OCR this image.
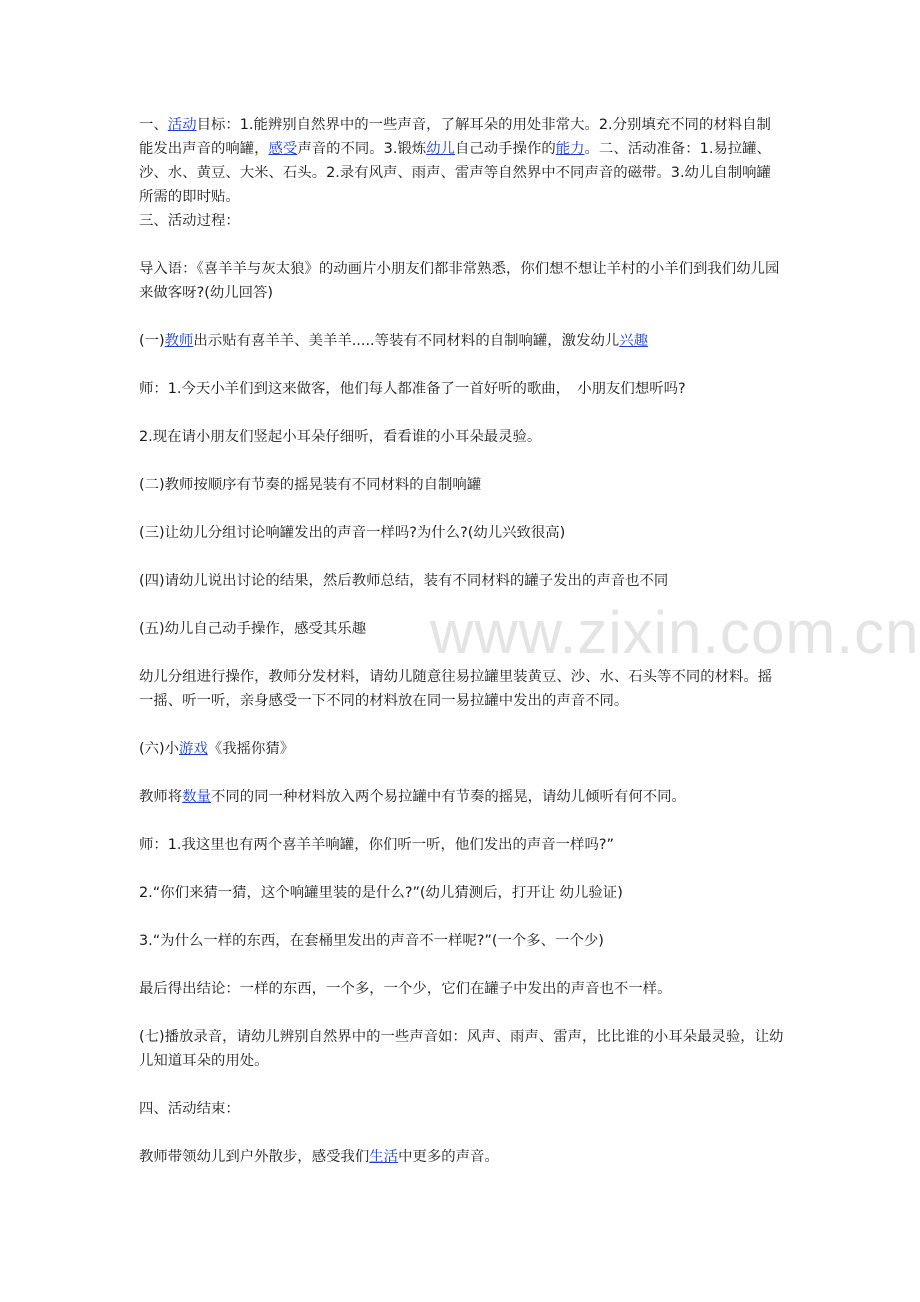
www.zixin.com.cn

一、活动目标：1.能辨别自然界中的一些声音，了解耳朵的用处非常大。2.分别填充不同的材料自制能发出声音的响罐，感受声音的不同。3.锻炼幼儿自己动手操作的能力。二、活动准备：1.易拉罐、沙、水、黄豆、大米、石头。2.录有风声、雨声、雷声等自然界中不同声音的磁带。3.幼儿自制响罐所需的即时贴。

三、活动过程：

导入语：《喜羊羊与灰太狼》的动画片小朋友们都非常熟悉，你们想不想让羊村的小羊们到我们幼儿园来做客呀?(幼儿回答)

(一)教师出示贴有喜羊羊、美羊羊.....等装有不同材料的自制响罐，激发幼儿兴趣

师：1.今天小羊们到这来做客，他们每人都准备了一首好听的歌曲，　小朋友们想听吗?

2.现在请小朋友们竖起小耳朵仔细听，看看谁的小耳朵最灵验。

(二)教师按顺序有节奏的摇晃装有不同材料的自制响罐

(三)让幼儿分组讨论响罐发出的声音一样吗?为什么?(幼儿兴致很高)

(四)请幼儿说出讨论的结果，然后教师总结，装有不同材料的罐子发出的声音也不同

(五)幼儿自己动手操作，感受其乐趣

幼儿分组进行操作，教师分发材料，请幼儿随意往易拉罐里装黄豆、沙、水、石头等不同的材料。摇一摇、听一听，亲身感受一下不同的材料放在同一易拉罐中发出的声音不同。

(六)小游戏《我摇你猜》

教师将数量不同的同一种材料放入两个易拉罐中有节奏的摇晃，请幼儿倾听有何不同。

师：1.我这里也有两个喜羊羊响罐，你们听一听，他们发出的声音一样吗?”

2.“你们来猜一猜，这个响罐里装的是什么?”(幼儿猜测后，打开让 幼儿验证)

3.“为什么一样的东西，在套桶里发出的声音不一样呢?”(一个多、一个少)

最后得出结论：一样的东西，一个多，一个少，它们在罐子中发出的声音也不一样。

(七)播放录音，请幼儿辨别自然界中的一些声音如：风声、雨声、雷声，比比谁的小耳朵最灵验，让幼儿知道耳朵的用处。

四、活动结束：

教师带领幼儿到户外散步，感受我们生活中更多的声音。
